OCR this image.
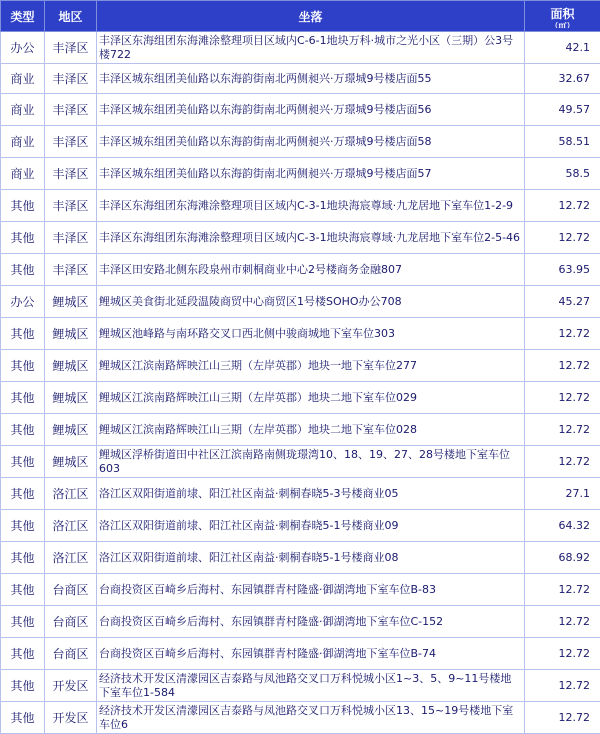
类型	地区	坐落	面积
（㎡）

办公	丰泽区	丰泽区东海组团东海滩涂整理项目区域内C-6-1地块万科·城市之光小区（三期）公3号楼722	42.1
商业	丰泽区	丰泽区城东组团美仙路以东海韵街南北两侧昶兴·万璟城9号楼店面55	32.67
商业	丰泽区	丰泽区城东组团美仙路以东海韵街南北两侧昶兴·万璟城9号楼店面56	49.57
商业	丰泽区	丰泽区城东组团美仙路以东海韵街南北两侧昶兴·万璟城9号楼店面58	58.51
商业	丰泽区	丰泽区城东组团美仙路以东海韵街南北两侧昶兴·万璟城9号楼店面57	58.5
其他	丰泽区	丰泽区东海组团东海滩涂整理项目区域内C-3-1地块海宸尊域·九龙居地下室车位1-2-9	12.72
其他	丰泽区	丰泽区东海组团东海滩涂整理项目区域内C-3-1地块海宸尊域·九龙居地下室车位2-5-46	12.72
其他	丰泽区	丰泽区田安路北侧东段泉州市刺桐商业中心2号楼商务金融807	63.95
办公	鲤城区	鲤城区美食街北延段温陵商贸中心商贸区1号楼SOHO办公708	45.27
其他	鲤城区	鲤城区池峰路与南环路交叉口西北侧中骏商城地下室车位303	12.72
其他	鲤城区	鲤城区江滨南路辉映江山三期（左岸英郡）地块一地下室车位277	12.72
其他	鲤城区	鲤城区江滨南路辉映江山三期（左岸英郡）地块二地下室车位029	12.72
其他	鲤城区	鲤城区江滨南路辉映江山三期（左岸英郡）地块二地下室车位028	12.72
其他	鲤城区	鲤城区浮桥街道田中社区江滨南路南侧珑璟湾10、18、19、27、28号楼地下室车位603	12.72
其他	洛江区	洛江区双阳街道前埭、阳江社区南益·刺桐春晓5-3号楼商业05	27.1
其他	洛江区	洛江区双阳街道前埭、阳江社区南益·刺桐春晓5-1号楼商业09	64.32
其他	洛江区	洛江区双阳街道前埭、阳江社区南益·刺桐春晓5-1号楼商业08	68.92
其他	台商区	台商投资区百崎乡后海村、东园镇群青村隆盛·御湖湾地下室车位B-83	12.72
其他	台商区	台商投资区百崎乡后海村、东园镇群青村隆盛·御湖湾地下室车位C-152	12.72
其他	台商区	台商投资区百崎乡后海村、东园镇群青村隆盛·御湖湾地下室车位B-74	12.72
其他	开发区	经济技术开发区清濛园区吉泰路与凤池路交叉口万科悦城小区1~3、5、9~11号楼地下室车位1-584	12.72
其他	开发区	经济技术开发区清濛园区吉泰路与凤池路交叉口万科悦城小区13、15~19号楼地下室车位6	12.72
